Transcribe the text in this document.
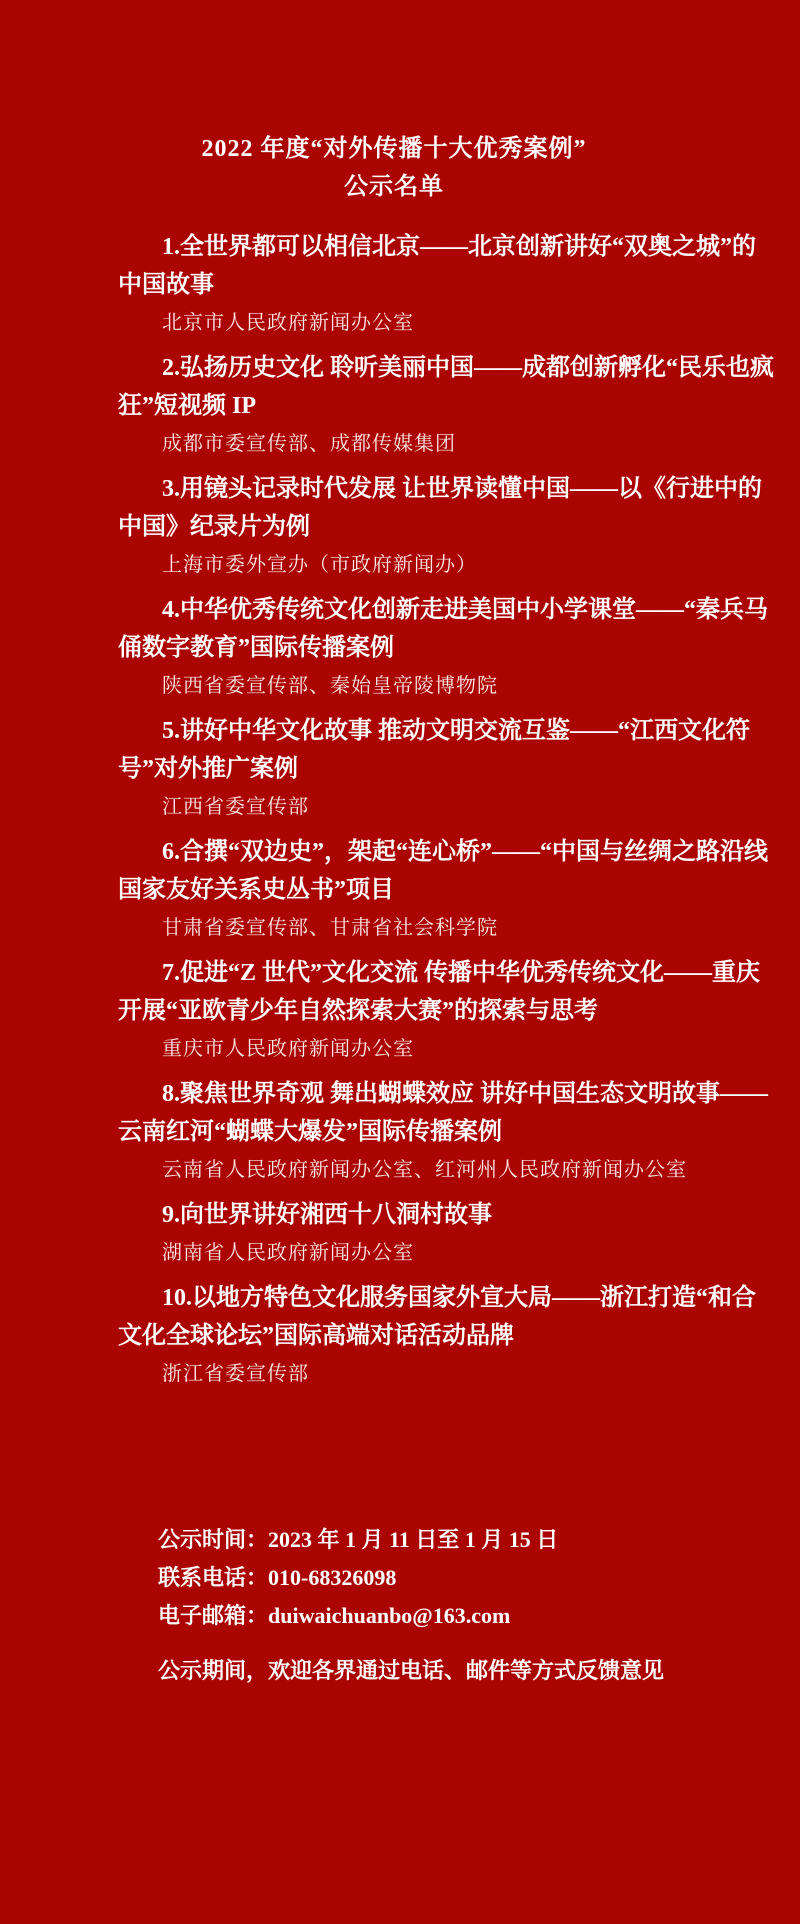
2022 年度“对外传播十大优秀案例”
公示名单

1.全世界都可以相信北京——北京创新讲好“双奥之城”的中国故事

北京市人民政府新闻办公室

2.弘扬历史文化 聆听美丽中国——成都创新孵化“民乐也疯狂”短视频 IP

成都市委宣传部、成都传媒集团

3.用镜头记录时代发展 让世界读懂中国——以《行进中的中国》纪录片为例

上海市委外宣办（市政府新闻办）

4.中华优秀传统文化创新走进美国中小学课堂——“秦兵马俑数字教育”国际传播案例

陕西省委宣传部、秦始皇帝陵博物院

5.讲好中华文化故事 推动文明交流互鉴——“江西文化符号”对外推广案例

江西省委宣传部

6.合撰“双边史”，架起“连心桥”——“中国与丝绸之路沿线国家友好关系史丛书”项目

甘肃省委宣传部、甘肃省社会科学院

7.促进“Z 世代”文化交流 传播中华优秀传统文化——重庆开展“亚欧青少年自然探索大赛”的探索与思考

重庆市人民政府新闻办公室

8.聚焦世界奇观 舞出蝴蝶效应 讲好中国生态文明故事——云南红河“蝴蝶大爆发”国际传播案例

云南省人民政府新闻办公室、红河州人民政府新闻办公室

9.向世界讲好湘西十八洞村故事

湖南省人民政府新闻办公室

10.以地方特色文化服务国家外宣大局——浙江打造“和合文化全球论坛”国际高端对话活动品牌

浙江省委宣传部

公示时间：2023 年 1 月 11 日至 1 月 15 日

联系电话：010-68326098

电子邮箱：duiwaichuanbo@163.com

公示期间，欢迎各界通过电话、邮件等方式反馈意见
